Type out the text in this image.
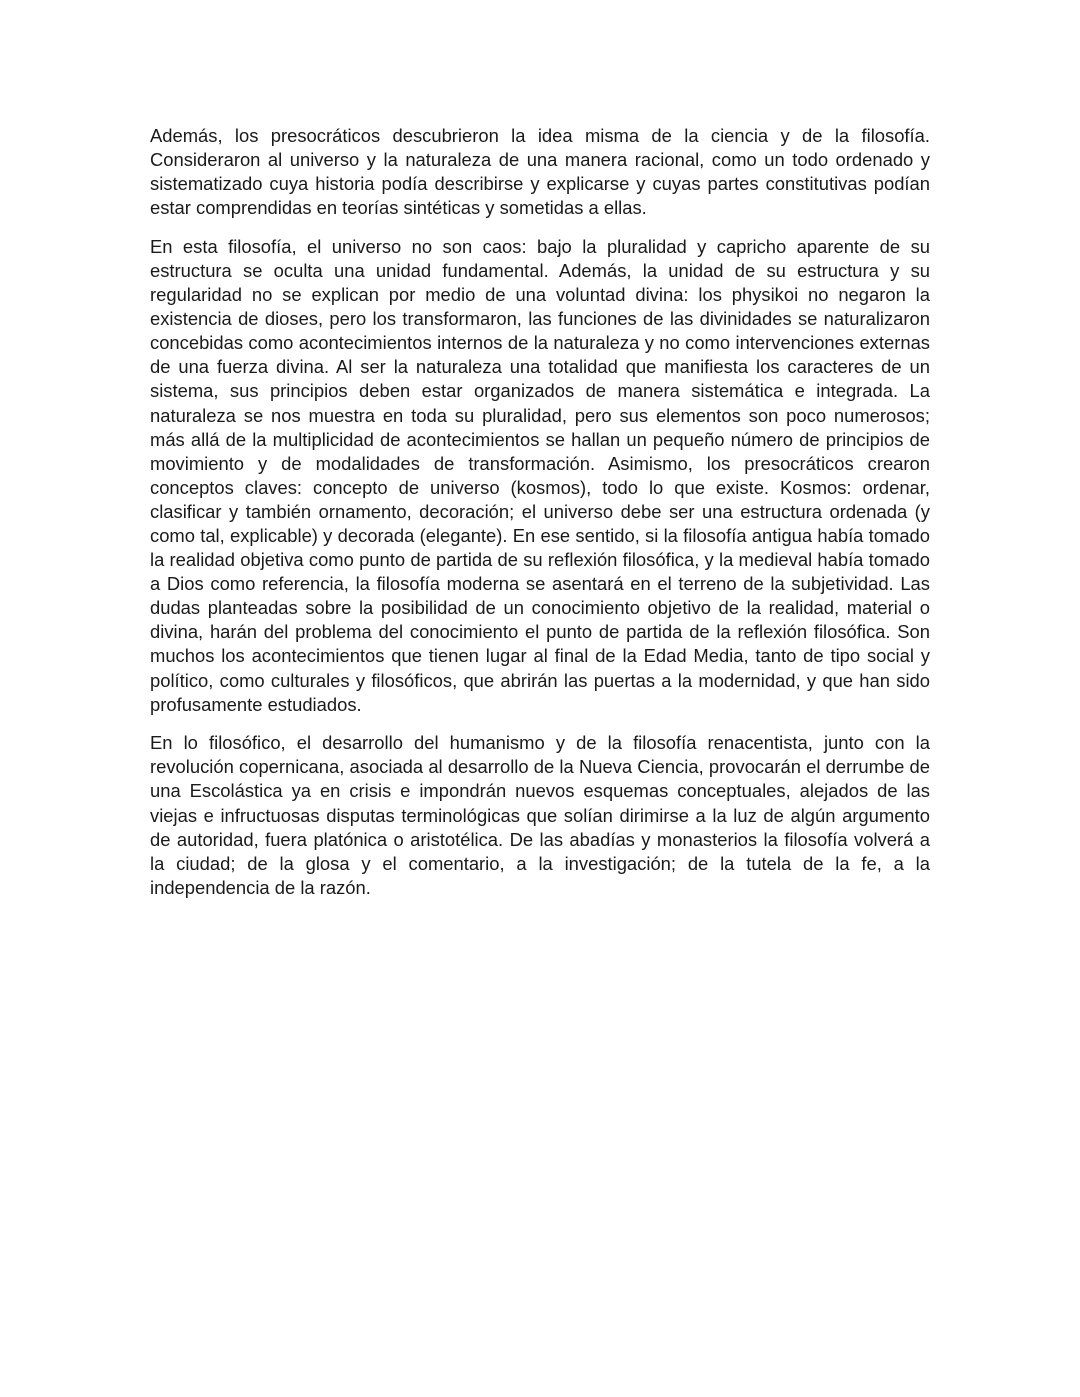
Además, los presocráticos descubrieron la idea misma de la ciencia y de la filosofía. Consideraron al universo y la naturaleza de una manera racional, como un todo ordenado y sistematizado cuya historia podía describirse y explicarse y cuyas partes constitutivas podían estar comprendidas en teorías sintéticas y sometidas a ellas.

En esta filosofía, el universo no son caos: bajo la pluralidad y capricho aparente de su estructura se oculta una unidad fundamental. Además, la unidad de su estructura y su regularidad no se explican por medio de una voluntad divina: los physikoi no negaron la existencia de dioses, pero los transformaron, las funciones de las divinidades se naturalizaron concebidas como acontecimientos internos de la naturaleza y no como intervenciones externas de una fuerza divina. Al ser la naturaleza una totalidad que manifiesta los caracteres de un sistema, sus principios deben estar organizados de manera sistemática e integrada. La naturaleza se nos muestra en toda su pluralidad, pero sus elementos son poco numerosos; más allá de la multiplicidad de acontecimientos se hallan un pequeño número de principios de movimiento y de modalidades de transformación. Asimismo, los presocráticos crearon conceptos claves: concepto de universo (kosmos), todo lo que existe. Kosmos: ordenar, clasificar y también ornamento, decoración; el universo debe ser una estructura ordenada (y como tal, explicable) y decorada (elegante). En ese sentido, si la filosofía antigua había tomado la realidad objetiva como punto de partida de su reflexión filosófica, y la medieval había tomado a Dios como referencia, la filosofía moderna se asentará en el terreno de la subjetividad. Las dudas planteadas sobre la posibilidad de un conocimiento objetivo de la realidad, material o divina, harán del problema del conocimiento el punto de partida de la reflexión filosófica. Son muchos los acontecimientos que tienen lugar al final de la Edad Media, tanto de tipo social y político, como culturales y filosóficos, que abrirán las puertas a la modernidad, y que han sido profusamente estudiados.

En lo filosófico, el desarrollo del humanismo y de la filosofía renacentista, junto con la revolución copernicana, asociada al desarrollo de la Nueva Ciencia, provocarán el derrumbe de una Escolástica ya en crisis e impondrán nuevos esquemas conceptuales, alejados de las viejas e infructuosas disputas terminológicas que solían dirimirse a la luz de algún argumento de autoridad, fuera platónica o aristotélica. De las abadías y monasterios la filosofía volverá a la ciudad; de la glosa y el comentario, a la investigación; de la tutela de la fe, a la independencia de la razón.
